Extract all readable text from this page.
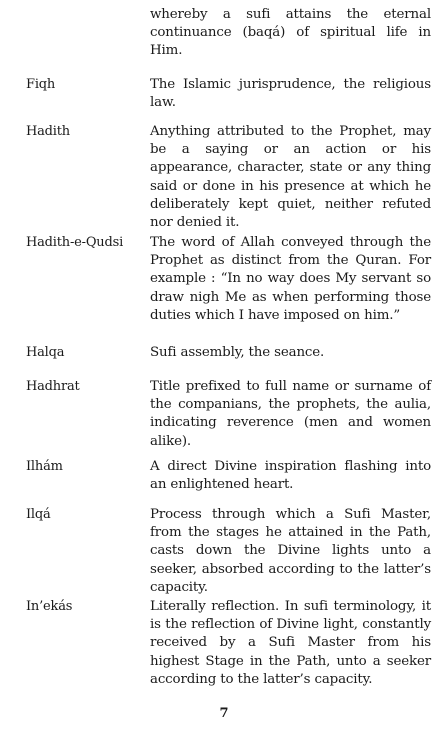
whereby a sufi attains the eternal continuance (baqá) of spiritual life in Him.
Fiqh	The Islamic jurisprudence, the religious law.
Hadith	Anything attributed to the Prophet, may be a saying or an action or his appearance, character, state or any thing said or done in his presence at which he deliberately kept quiet, neither refuted nor denied it.
Hadith-e-Qudsi	The word of Allah conveyed through the Prophet as distinct from the Quran. For example : “In no way does My servant so draw nigh Me as when performing those duties which I have imposed on him.”
Halqa	Sufi assembly, the seance.
Hadhrat	Title prefixed to full name or surname of the companians, the prophets, the aulia, indicating reverence (men and women alike).
Ilhám	A direct Divine inspiration flashing into an enlightened heart.
Ilqá	Process through which a Sufi Master, from the stages he attained in the Path, casts down the Divine lights unto a seeker, absorbed according to the latter’s capacity.
In’ekás	Literally reflection. In sufi terminology, it is the reflection of Divine light, constantly received by a Sufi Master from his highest Stage in the Path, unto a seeker according to the latter’s capacity.
7
